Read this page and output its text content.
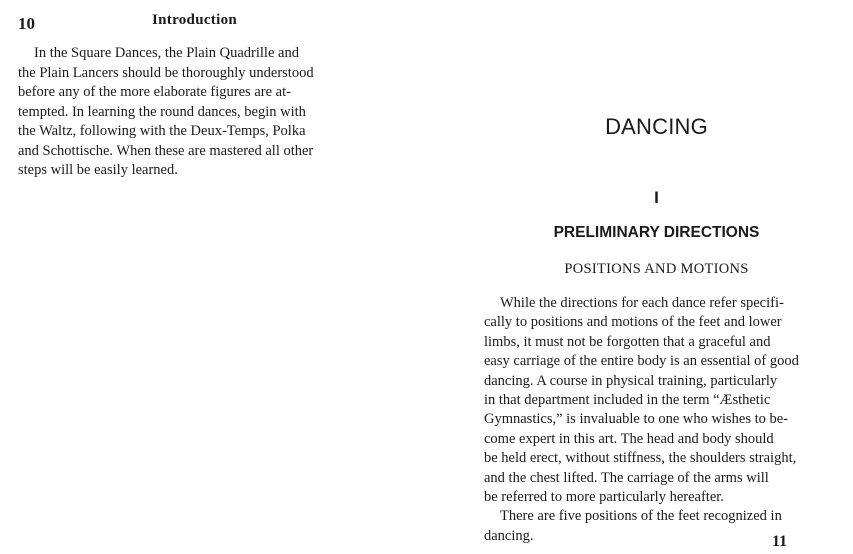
10	Introduction

In the Square Dances, the Plain Quadrille and
the Plain Lancers should be thoroughly understood
before any of the more elaborate figures are at-
tempted. In learning the round dances, begin with
the Waltz, following with the Deux-Temps, Polka
and Schottische. When these are mastered all other
steps will be easily learned.

DANCING
I
PRELIMINARY DIRECTIONS
POSITIONS AND MOTIONS

While the directions for each dance refer specifi-
cally to positions and motions of the feet and lower
limbs, it must not be forgotten that a graceful and
easy carriage of the entire body is an essential of good
dancing. A course in physical training, particularly
in that department included in the term “Æsthetic
Gymnastics,” is invaluable to one who wishes to be-
come expert in this art. The head and body should
be held erect, without stiffness, the shoulders straight,
and the chest lifted. The carriage of the arms will
be referred to more particularly hereafter.

There are five positions of the feet recognized in
dancing.	11
